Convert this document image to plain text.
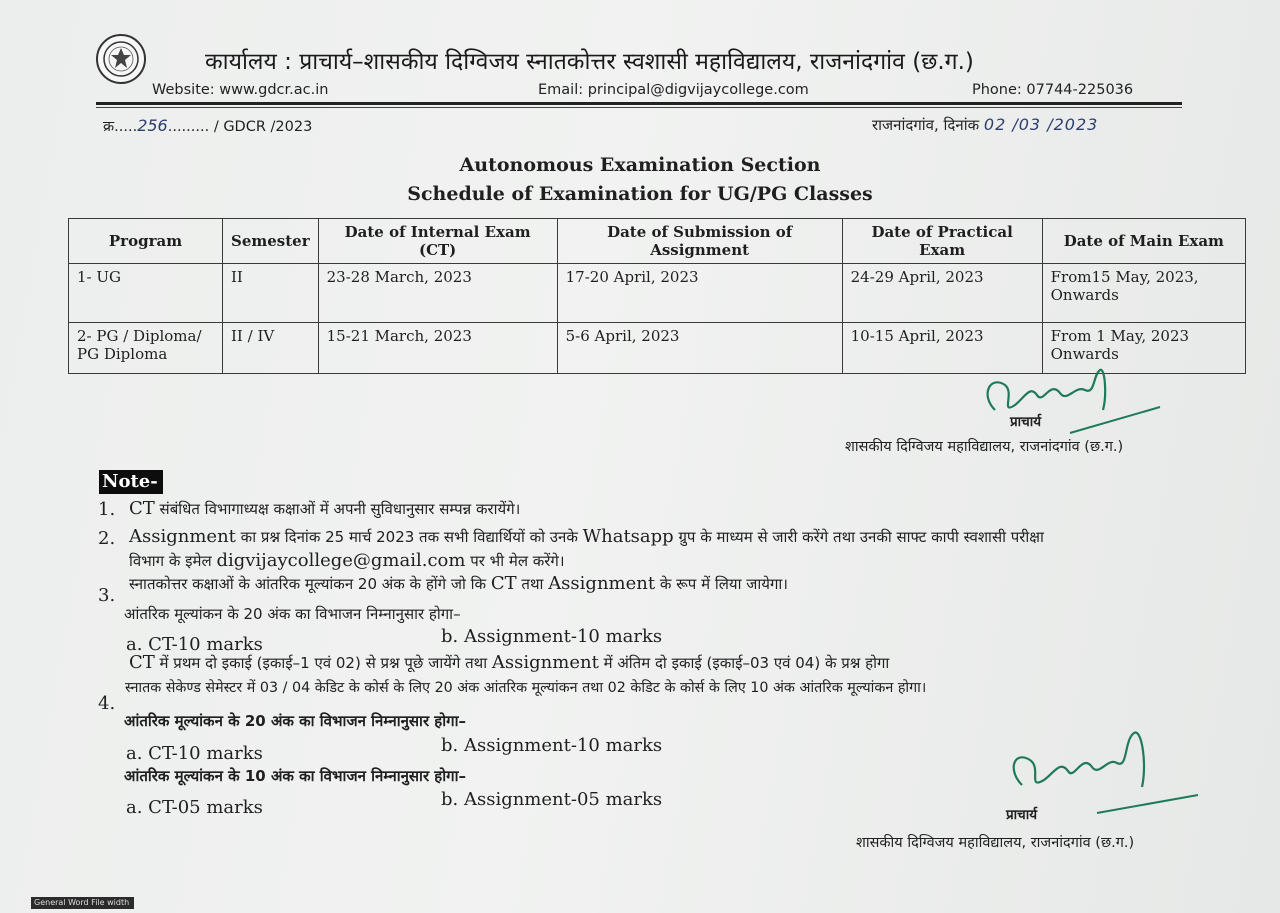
कार्यालय : प्राचार्य–शासकीय दिग्विजय स्नातकोत्तर स्वशासी महाविद्यालय, राजनांदगांव (छ.ग.)
Website: www.gdcr.ac.in	Email: principal@digvijaycollege.com	Phone: 07744-225036
क्र.....256......... / GDCR /2023	राजनांदगांव, दिनांक 02 /03 /2023
Autonomous Examination Section
Schedule of Examination for UG/PG Classes
Program	Semester	Date of Internal Exam (CT)	Date of Submission of Assignment	Date of Practical Exam	Date of Main Exam
1- UG	II	23-28 March, 2023	17-20 April, 2023	24-29 April, 2023	From15 May, 2023, Onwards
2- PG / Diploma/ PG Diploma	II / IV	15-21 March, 2023	5-6 April, 2023	10-15 April, 2023	From 1 May, 2023 Onwards
प्राचार्य
शासकीय दिग्विजय महाविद्यालय, राजनांदगांव (छ.ग.)
Note-
1. CT संबंधित विभागाध्यक्ष कक्षाओं में अपनी सुविधानुसार सम्पन्न करायेंगे।
2. Assignment का प्रश्न दिनांक 25 मार्च 2023 तक सभी विद्यार्थियों को उनके Whatsapp ग्रुप के माध्यम से जारी करेंगे तथा उनकी साफ्ट कापी स्वशासी परीक्षा
विभाग के इमेल digvijaycollege@gmail.com पर भी मेल करेंगे।
3.
स्नातकोत्तर कक्षाओं के आंतरिक मूल्यांकन 20 अंक के होंगे जो कि CT तथा Assignment के रूप में लिया जायेगा।
आंतरिक मूल्यांकन के 20 अंक का विभाजन निम्नानुसार होगा–
a. CT-10 marks	b. Assignment-10 marks
CT में प्रथम दो इकाई (इकाई–1 एवं 02) से प्रश्न पूछे जायेंगे तथा Assignment में अंतिम दो इकाई (इकाई–03 एवं 04) के प्रश्न होगा
4.
स्नातक सेकेण्ड सेमेस्टर में 03 / 04 केडिट के कोर्स के लिए 20 अंक आंतरिक मूल्यांकन तथा 02 केडिट के कोर्स के लिए 10 अंक आंतरिक मूल्यांकन होगा।
आंतरिक मूल्यांकन के 20 अंक का विभाजन निम्नानुसार होगा–
a. CT-10 marks	b. Assignment-10 marks
आंतरिक मूल्यांकन के 10 अंक का विभाजन निम्नानुसार होगा–
a. CT-05 marks	b. Assignment-05 marks
प्राचार्य
शासकीय दिग्विजय महाविद्यालय, राजनांदगांव (छ.ग.)
General Word File width
